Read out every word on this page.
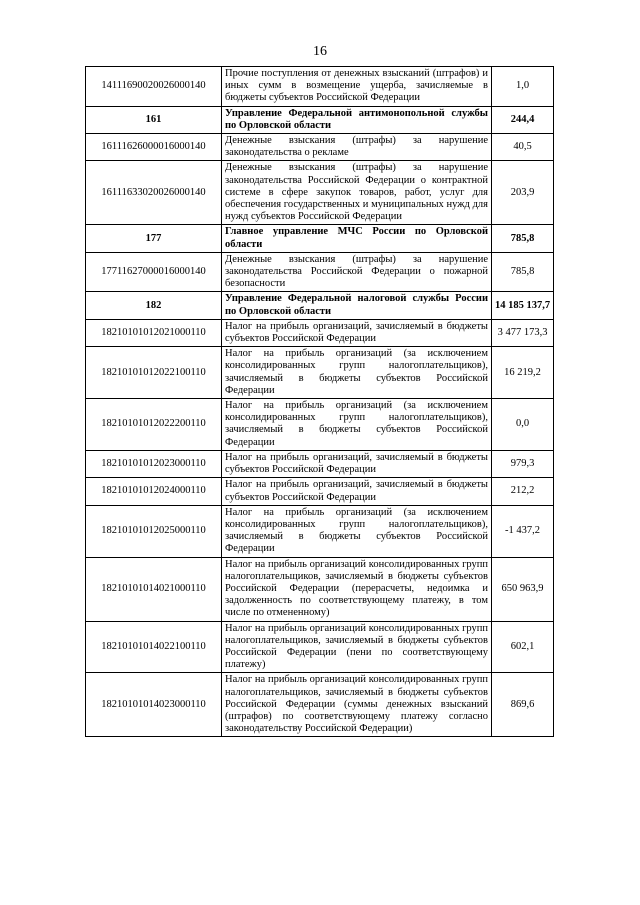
16
14111690020026000140	Прочие поступления от денежных взысканий (штрафов) и иных сумм в возмещение ущерба, зачисляемые в бюджеты субъектов Российской Федерации	1,0
161	Управление Федеральной антимонопольной службы по Орловской области	244,4
16111626000016000140	Денежные взыскания (штрафы) за нарушение законодательства о рекламе	40,5
16111633020026000140	Денежные взыскания (штрафы) за нарушение законодательства Российской Федерации о контрактной системе в сфере закупок товаров, работ, услуг для обеспечения государственных и муниципальных нужд для нужд субъектов Российской Федерации	203,9
177	Главное управление МЧС России по Орловской области	785,8
17711627000016000140	Денежные взыскания (штрафы) за нарушение законодательства Российской Федерации о пожарной безопасности	785,8
182	Управление Федеральной налоговой службы России по Орловской области	14 185 137,7
18210101012021000110	Налог на прибыль организаций, зачисляемый в бюджеты субъектов Российской Федерации	3 477 173,3
18210101012022100110	Налог на прибыль организаций (за исключением консолидированных групп налогоплательщиков), зачисляемый в бюджеты субъектов Российской Федерации	16 219,2
18210101012022200110	Налог на прибыль организаций (за исключением консолидированных групп налогоплательщиков), зачисляемый в бюджеты субъектов Российской Федерации	0,0
18210101012023000110	Налог на прибыль организаций, зачисляемый в бюджеты субъектов Российской Федерации	979,3
18210101012024000110	Налог на прибыль организаций, зачисляемый в бюджеты субъектов Российской Федерации	212,2
18210101012025000110	Налог на прибыль организаций (за исключением консолидированных групп налогоплательщиков), зачисляемый в бюджеты субъектов Российской Федерации	-1 437,2
18210101014021000110	Налог на прибыль организаций консолидированных групп налогоплательщиков, зачисляемый в бюджеты субъектов Российской Федерации (перерасчеты, недоимка и задолженность по соответствующему платежу, в том числе по отмененному)	650 963,9
18210101014022100110	Налог на прибыль организаций консолидированных групп налогоплательщиков, зачисляемый в бюджеты субъектов Российской Федерации (пени по соответствующему платежу)	602,1
18210101014023000110	Налог на прибыль организаций консолидированных групп налогоплательщиков, зачисляемый в бюджеты субъектов Российской Федерации (суммы денежных взысканий (штрафов) по соответствующему платежу согласно законодательству Российской Федерации)	869,6
